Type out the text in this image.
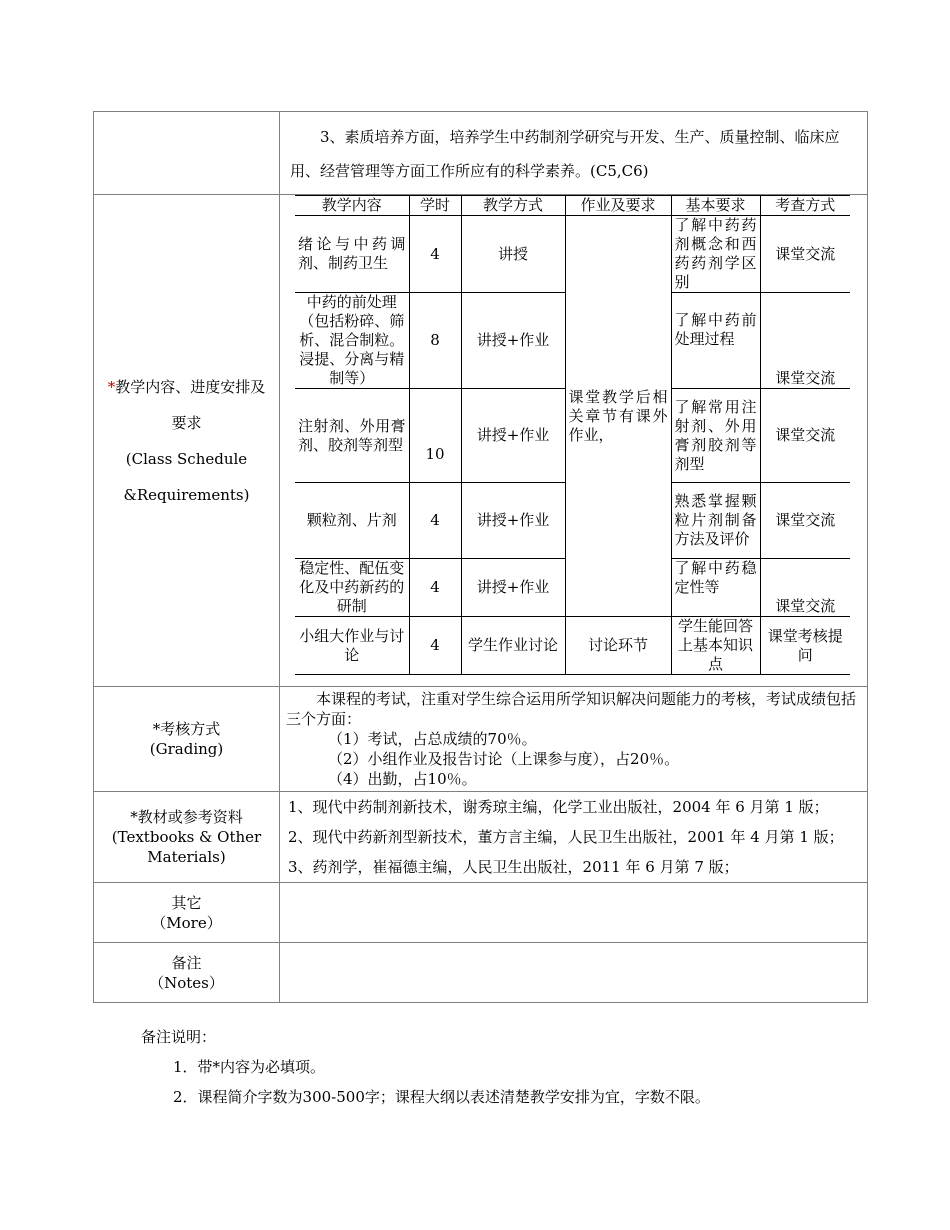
3、素质培养方面，培养学生中药制剂学研究与开发、生产、质量控制、临床应

用、经营管理等方面工作所应有的科学素养。(C5,C6)

*教学内容、进度安排及
要求
(Class Schedule
&Requirements)

教学内容	学时	教学方式	作业及要求	基本要求	考查方式
绪论与中药调剂、制药卫生	4	讲授	课堂教学后相关章节有课外作业，	了解中药药剂概念和西药药剂学区别	课堂交流
中药的前处理（包括粉碎、筛析、混合制粒。浸提、分离与精制等）	8	讲授+作业	了解中药前处理过程	课堂交流
注射剂、外用膏剂、胶剂等剂型	10	讲授+作业	了解常用注射剂、外用膏剂胶剂等剂型	课堂交流
颗粒剂、片剂	4	讲授+作业	熟悉掌握颗粒片剂制备方法及评价	课堂交流
稳定性、配伍变化及中药新药的研制	4	讲授+作业	了解中药稳定性等	课堂交流
小组大作业与讨论	4	学生作业讨论	讨论环节	学生能回答上基本知识点	课堂考核提问

*考核方式
(Grading)

本课程的考试，注重对学生综合运用所学知识解决问题能力的考核，考试成绩包括三个方面：

（1）考试，占总成绩的70％。

（2）小组作业及报告讨论（上课参与度），占20％。

（4）出勤，占10％。

*教材或参考资料
(Textbooks & Other
Materials)

1、现代中药制剂新技术，谢秀琼主编，化学工业出版社，2004 年 6 月第 1 版；
2、现代中药新剂型新技术，董方言主编，人民卫生出版社，2001 年 4 月第 1 版；
3、药剂学，崔福德主编，人民卫生出版社，2011 年 6 月第 7 版；

其它
（More）

备注
（Notes）

备注说明：
1．带*内容为必填项。
2．课程简介字数为300-500字；课程大纲以表述清楚教学安排为宜，字数不限。
